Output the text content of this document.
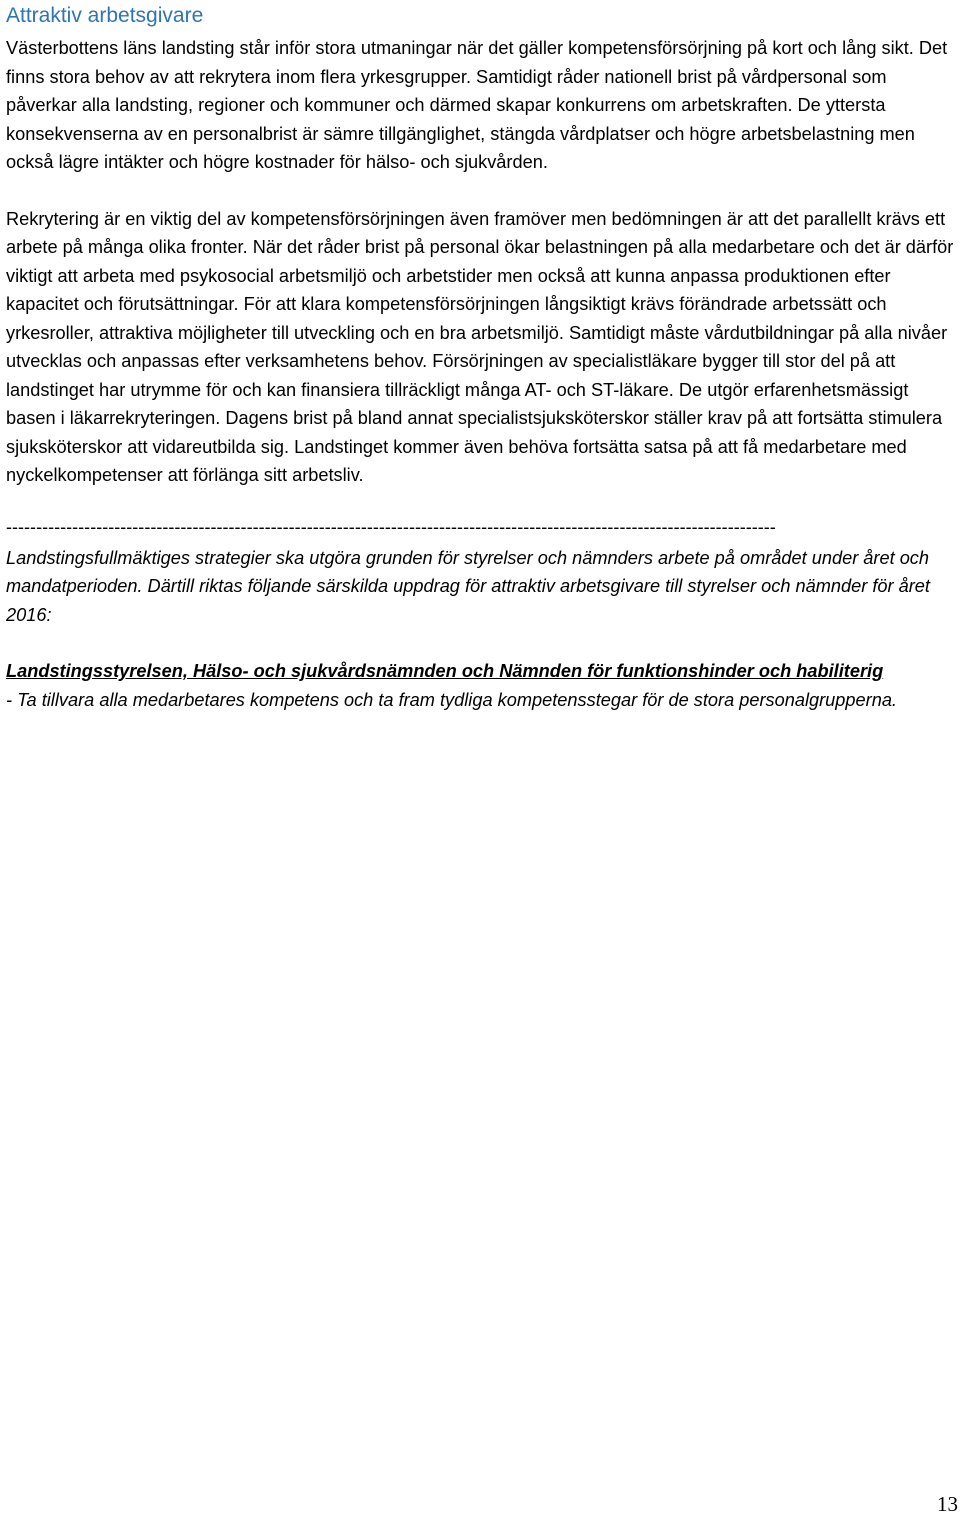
Attraktiv arbetsgivare

Västerbottens läns landsting står inför stora utmaningar när det gäller kompetensförsörjning på kort och lång sikt. Det finns stora behov av att rekrytera inom flera yrkesgrupper. Samtidigt råder nationell brist på vårdpersonal som påverkar alla landsting, regioner och kommuner och därmed skapar konkurrens om arbetskraften. De yttersta konsekvenserna av en personalbrist är sämre tillgänglighet, stängda vårdplatser och högre arbetsbelastning men också lägre intäkter och högre kostnader för hälso- och sjukvården.

Rekrytering är en viktig del av kompetensförsörjningen även framöver men bedömningen är att det parallellt krävs ett arbete på många olika fronter. När det råder brist på personal ökar belastningen på alla medarbetare och det är därför viktigt att arbeta med psykosocial arbetsmiljö och arbetstider men också att kunna anpassa produktionen efter kapacitet och förutsättningar. För att klara kompetensförsörjningen långsiktigt krävs förändrade arbetssätt och yrkesroller, attraktiva möjligheter till utveckling och en bra arbetsmiljö. Samtidigt måste vårdutbildningar på alla nivåer utvecklas och anpassas efter verksamhetens behov. Försörjningen av specialistläkare bygger till stor del på att landstinget har utrymme för och kan finansiera tillräckligt många AT- och ST-läkare. De utgör erfarenhetsmässigt basen i läkarrekryteringen. Dagens brist på bland annat specialistsjuksköterskor ställer krav på att fortsätta stimulera sjuksköterskor att vidareutbilda sig. Landstinget kommer även behöva fortsätta satsa på att få medarbetare med nyckelkompetenser att förlänga sitt arbetsliv.

--------------------------------------------------------------------------------------------------------------------------------

Landstingsfullmäktiges strategier ska utgöra grunden för styrelser och nämnders arbete på området under året och mandatperioden. Därtill riktas följande särskilda uppdrag för attraktiv arbetsgivare till styrelser och nämnder för året 2016:

Landstingsstyrelsen, Hälso- och sjukvårdsnämnden och Nämnden för funktionshinder och habiliterig

- Ta tillvara alla medarbetares kompetens och ta fram tydliga kompetensstegar för de stora personalgrupperna.

13
